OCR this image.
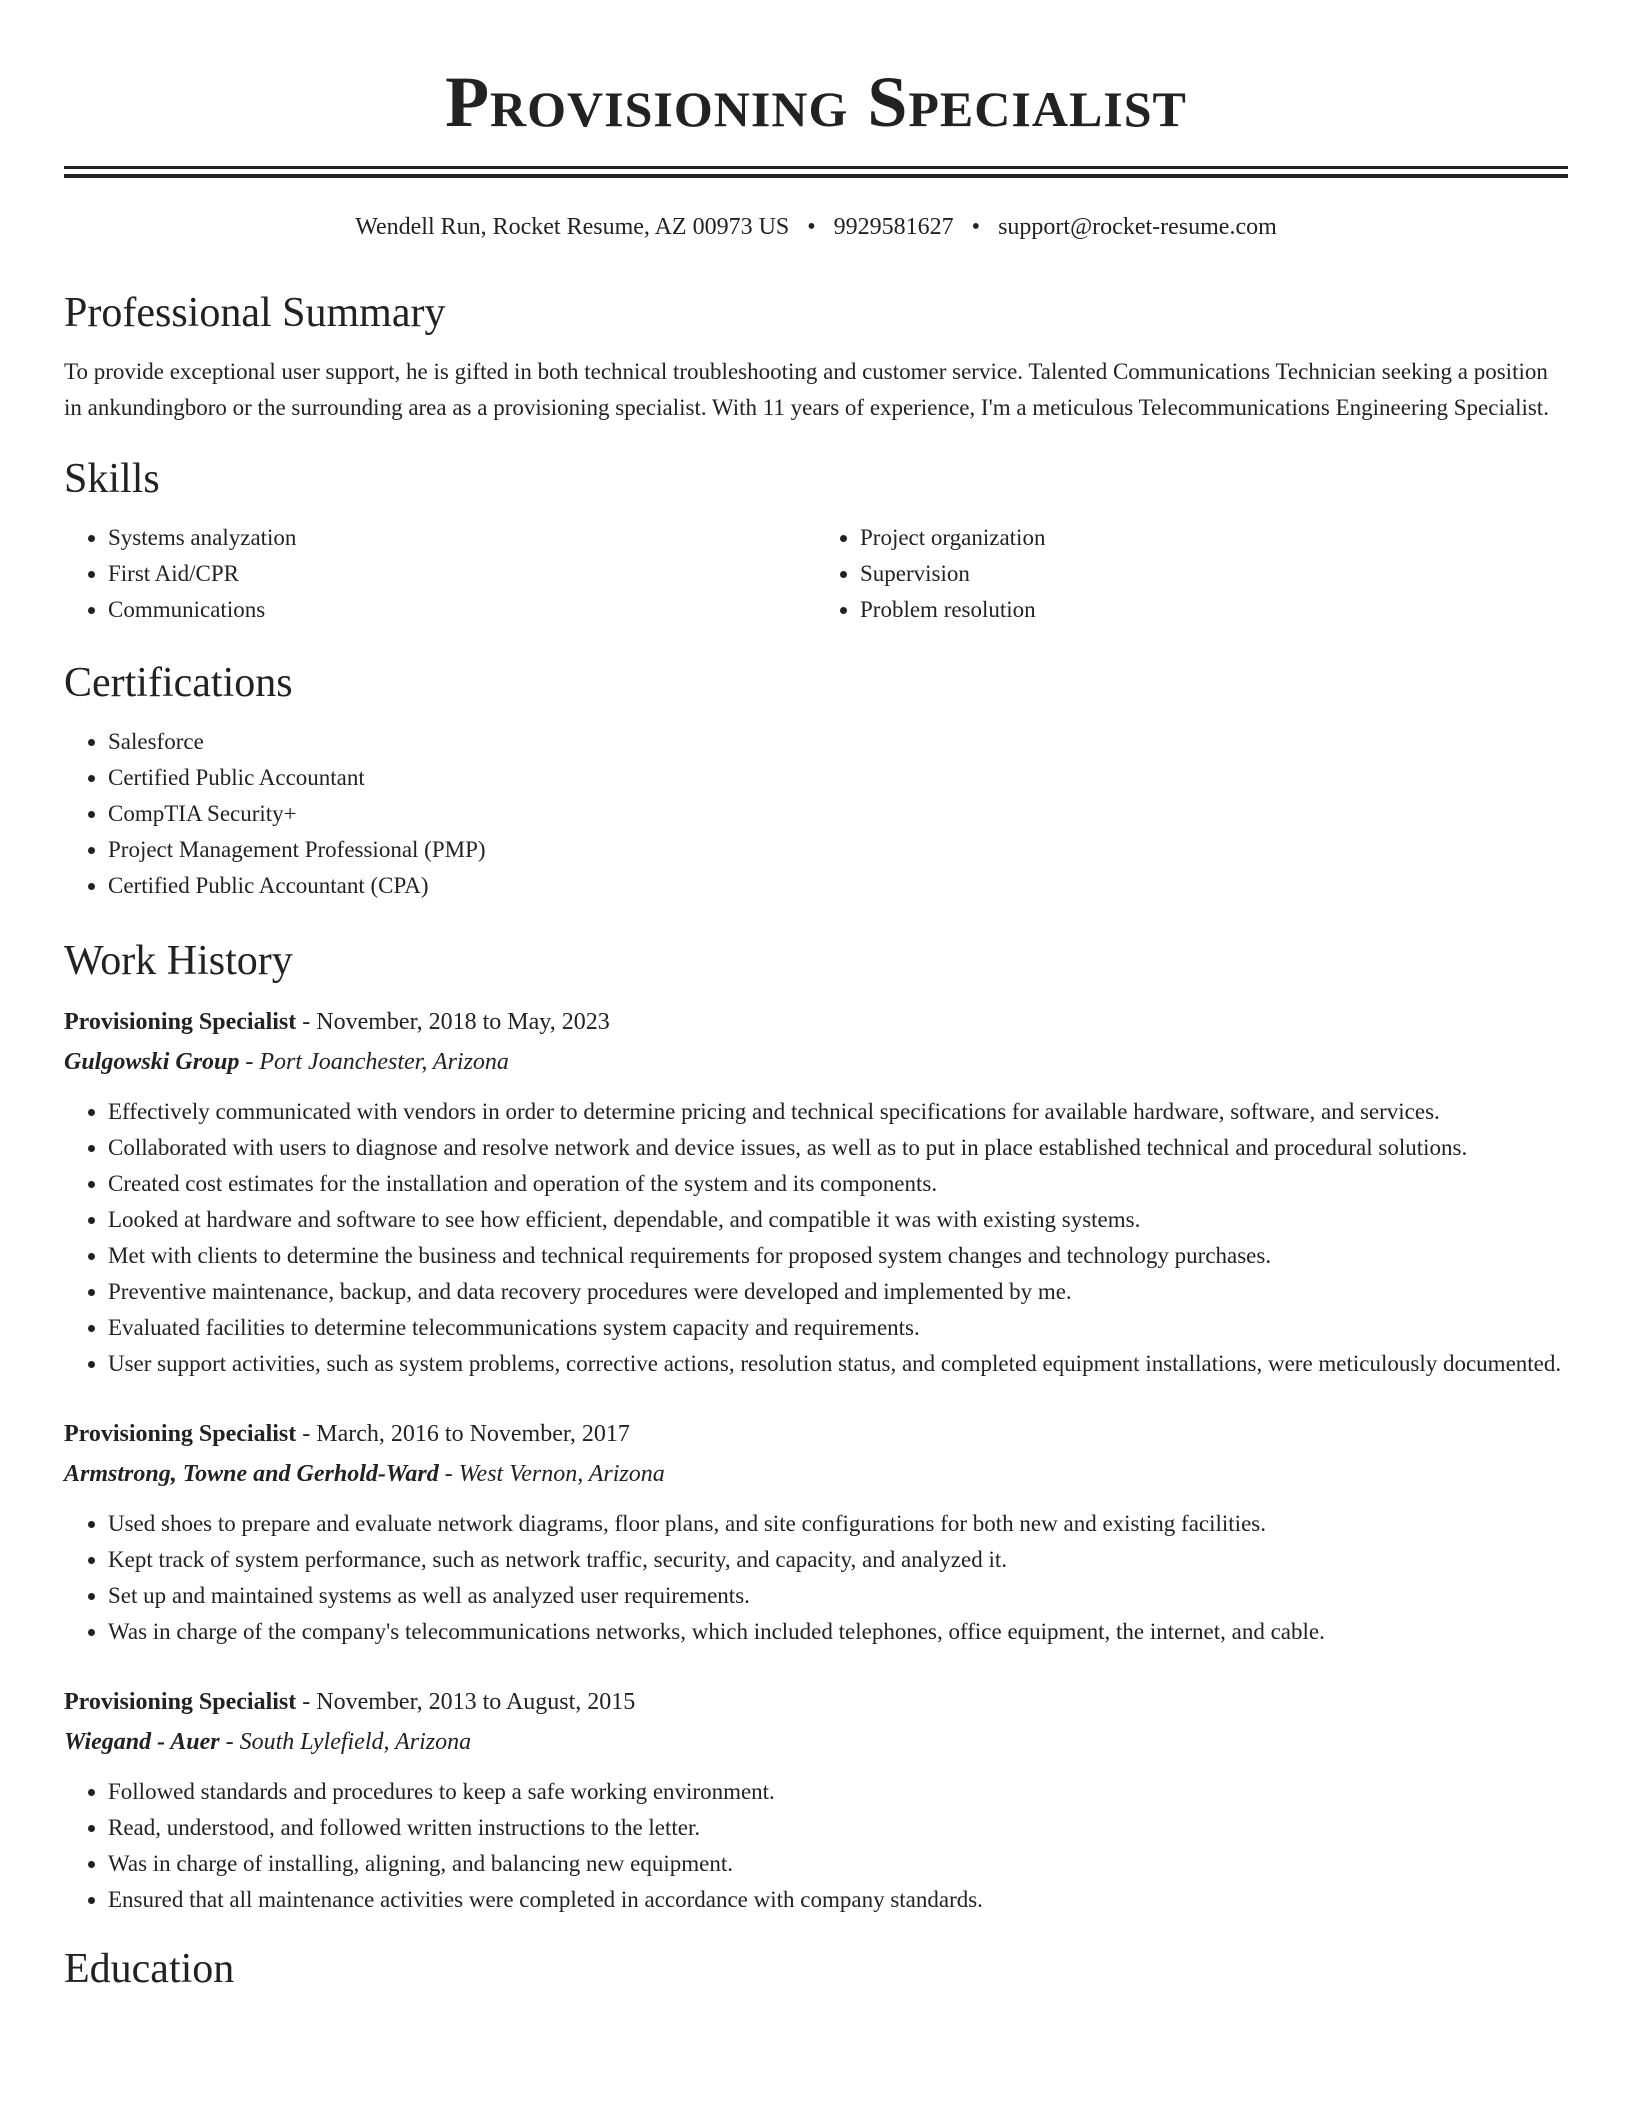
Provisioning Specialist
Wendell Run, Rocket Resume, AZ 00973 US • 9929581627 • support@rocket-resume.com
Professional Summary
To provide exceptional user support, he is gifted in both technical troubleshooting and customer service. Talented Communications Technician seeking a position in ankundingboro or the surrounding area as a provisioning specialist. With 11 years of experience, I'm a meticulous Telecommunications Engineering Specialist.
Skills
• Systems analyzation
• First Aid/CPR
• Communications
• Project organization
• Supervision
• Problem resolution
Certifications
• Salesforce
• Certified Public Accountant
• CompTIA Security+
• Project Management Professional (PMP)
• Certified Public Accountant (CPA)
Work History
Provisioning Specialist - November, 2018 to May, 2023
Gulgowski Group - Port Joanchester, Arizona
• Effectively communicated with vendors in order to determine pricing and technical specifications for available hardware, software, and services.
• Collaborated with users to diagnose and resolve network and device issues, as well as to put in place established technical and procedural solutions.
• Created cost estimates for the installation and operation of the system and its components.
• Looked at hardware and software to see how efficient, dependable, and compatible it was with existing systems.
• Met with clients to determine the business and technical requirements for proposed system changes and technology purchases.
• Preventive maintenance, backup, and data recovery procedures were developed and implemented by me.
• Evaluated facilities to determine telecommunications system capacity and requirements.
• User support activities, such as system problems, corrective actions, resolution status, and completed equipment installations, were meticulously documented.
Provisioning Specialist - March, 2016 to November, 2017
Armstrong, Towne and Gerhold-Ward - West Vernon, Arizona
• Used shoes to prepare and evaluate network diagrams, floor plans, and site configurations for both new and existing facilities.
• Kept track of system performance, such as network traffic, security, and capacity, and analyzed it.
• Set up and maintained systems as well as analyzed user requirements.
• Was in charge of the company's telecommunications networks, which included telephones, office equipment, the internet, and cable.
Provisioning Specialist - November, 2013 to August, 2015
Wiegand - Auer - South Lylefield, Arizona
• Followed standards and procedures to keep a safe working environment.
• Read, understood, and followed written instructions to the letter.
• Was in charge of installing, aligning, and balancing new equipment.
• Ensured that all maintenance activities were completed in accordance with company standards.
Education
